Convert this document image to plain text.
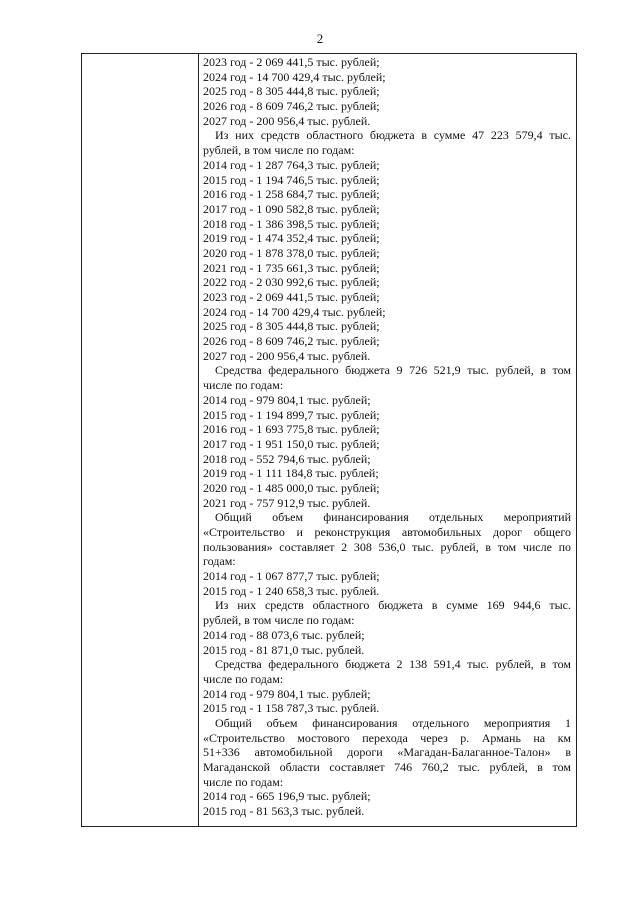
2
2023 год - 2 069 441,5 тыс. рублей;
2024 год - 14 700 429,4 тыс. рублей;
2025 год - 8 305 444,8 тыс. рублей;
2026 год - 8 609 746,2 тыс. рублей;
2027 год - 200 956,4 тыс. рублей.
Из них средств областного бюджета в сумме 47 223 579,4 тыс.
рублей, в том числе по годам:
2014 год - 1 287 764,3 тыс. рублей;
2015 год - 1 194 746,5 тыс. рублей;
2016 год - 1 258 684,7 тыс. рублей;
2017 год - 1 090 582,8 тыс. рублей;
2018 год - 1 386 398,5 тыс. рублей;
2019 год - 1 474 352,4 тыс. рублей;
2020 год - 1 878 378,0 тыс. рублей;
2021 год - 1 735 661,3 тыс. рублей;
2022 год - 2 030 992,6 тыс. рублей;
2023 год - 2 069 441,5 тыс. рублей;
2024 год - 14 700 429,4 тыс. рублей;
2025 год - 8 305 444,8 тыс. рублей;
2026 год - 8 609 746,2 тыс. рублей;
2027 год - 200 956,4 тыс. рублей.
Средства федерального бюджета 9 726 521,9 тыс. рублей, в том
числе по годам:
2014 год - 979 804,1 тыс. рублей;
2015 год - 1 194 899,7 тыс. рублей;
2016 год - 1 693 775,8 тыс. рублей;
2017 год - 1 951 150,0 тыс. рублей;
2018 год - 552 794,6 тыс. рублей;
2019 год - 1 111 184,8 тыс. рублей;
2020 год - 1 485 000,0 тыс. рублей;
2021 год - 757 912,9 тыс. рублей.
Общий объем финансирования отдельных мероприятий
«Строительство и реконструкция автомобильных дорог общего
пользования» составляет 2 308 536,0 тыс. рублей, в том числе по
годам:
2014 год - 1 067 877,7 тыс. рублей;
2015 год - 1 240 658,3 тыс. рублей.
Из них средств областного бюджета в сумме 169 944,6 тыс.
рублей, в том числе по годам:
2014 год - 88 073,6 тыс. рублей;
2015 год - 81 871,0 тыс. рублей.
Средства федерального бюджета 2 138 591,4 тыс. рублей, в том
числе по годам:
2014 год - 979 804,1 тыс. рублей;
2015 год - 1 158 787,3 тыс. рублей.
Общий объем финансирования отдельного мероприятия 1
«Строительство мостового перехода через р. Армань на км
51+336 автомобильной дороги «Магадан-Балаганное-Талон» в
Магаданской области составляет 746 760,2 тыс. рублей, в том
числе по годам:
2014 год - 665 196,9 тыс. рублей;
2015 год - 81 563,3 тыс. рублей.
